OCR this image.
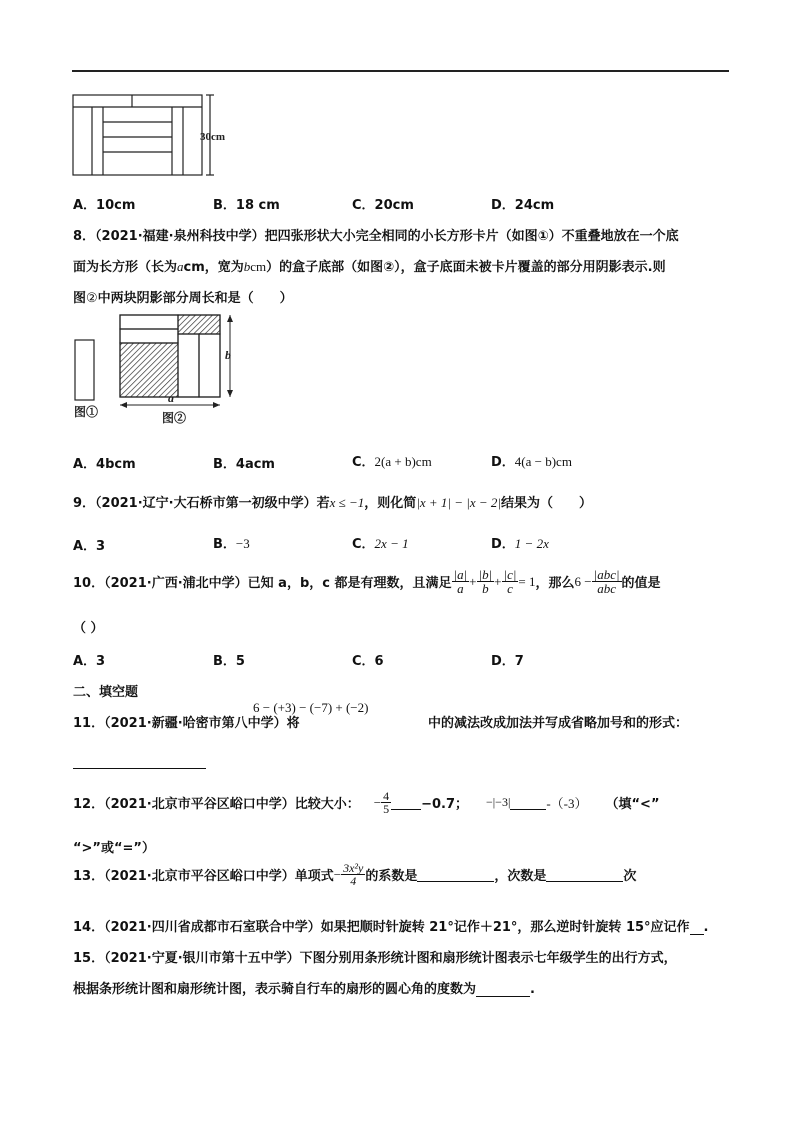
30cm
A．10cm	B．18 cm	C．20cm	D．24cm
8．（2021·福建·泉州科技中学）把四张形状大小完全相同的小长方形卡片（如图①）不重叠地放在一个底
面为长方形（长为acm，宽为bcm）的盒子底部（如图②），盒子底面未被卡片覆盖的部分用阴影表示.则
图②中两块阴影部分周长和是（　　）
b
a
图①	图②
A．4bcm	B．4acm	C．2(a + b)cm	D．4(a − b)cm
9．（2021·辽宁·大石桥市第一初级中学）若x ≤ −1，则化简|x + 1| − |x − 2|结果为（　　）
A．3	B．−3	C．2x − 1	D．1 − 2x
10．（2021·广西·浦北中学）已知 a，b，c 都是有理数，且满足 $\frac{|a|}{a} + \frac{|b|}{b} + \frac{|c|}{c} = 1$ ，那么 $6 - \frac{\text{|abc|}}{\text{abc}}$ 的值是
（ ）
A．3	B．5	C．6	D．7
二、填空题
11．（2021·新疆·哈密市第八中学）将
6 − (+3) − (−7) + (−2)
中的减法改成加法并写成省略加号和的形式：
12．（2021·北京市平谷区峪口中学）比较大小： − $\frac{4}{5} -0.7$； −|−3|	-（-3） （填“<”
“>”或“=”）
13．（2021·北京市平谷区峪口中学）单项式 − $\frac{\text{3x²y}}{4}$ 的系数是	，次数是	次
14．（2021·四川省成都市石室联合中学）如果把顺时针旋转 21°记作＋21°，那么逆时针旋转 15°应记作 .
15．（2021·宁夏·银川市第十五中学）下图分别用条形统计图和扇形统计图表示七年级学生的出行方式，
根据条形统计图和扇形统计图，表示骑自行车的扇形的圆心角的度数为	.
